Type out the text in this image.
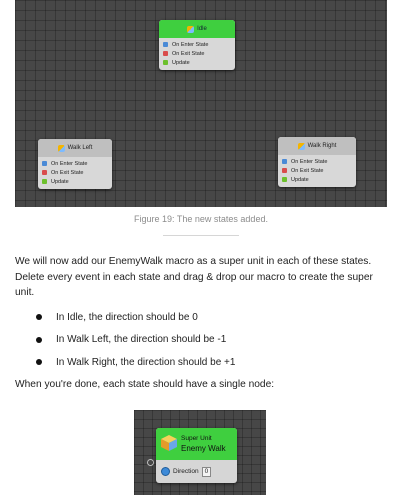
Idle
On Enter State
On Exit State
Update
Walk Left
On Enter State
On Exit State
Update
Walk Right
On Enter State
On Exit State
Update
Figure 19: The new states added.
We will now add our EnemyWalk macro as a super unit in each of these states. Delete every event in each state and drag & drop our macro to create the super unit.
In Idle, the direction should be 0
In Walk Left, the direction should be -1
In Walk Right, the direction should be +1
When you're done, each state should have a single node:
Super Unit
Enemy Walk
Direction 0
